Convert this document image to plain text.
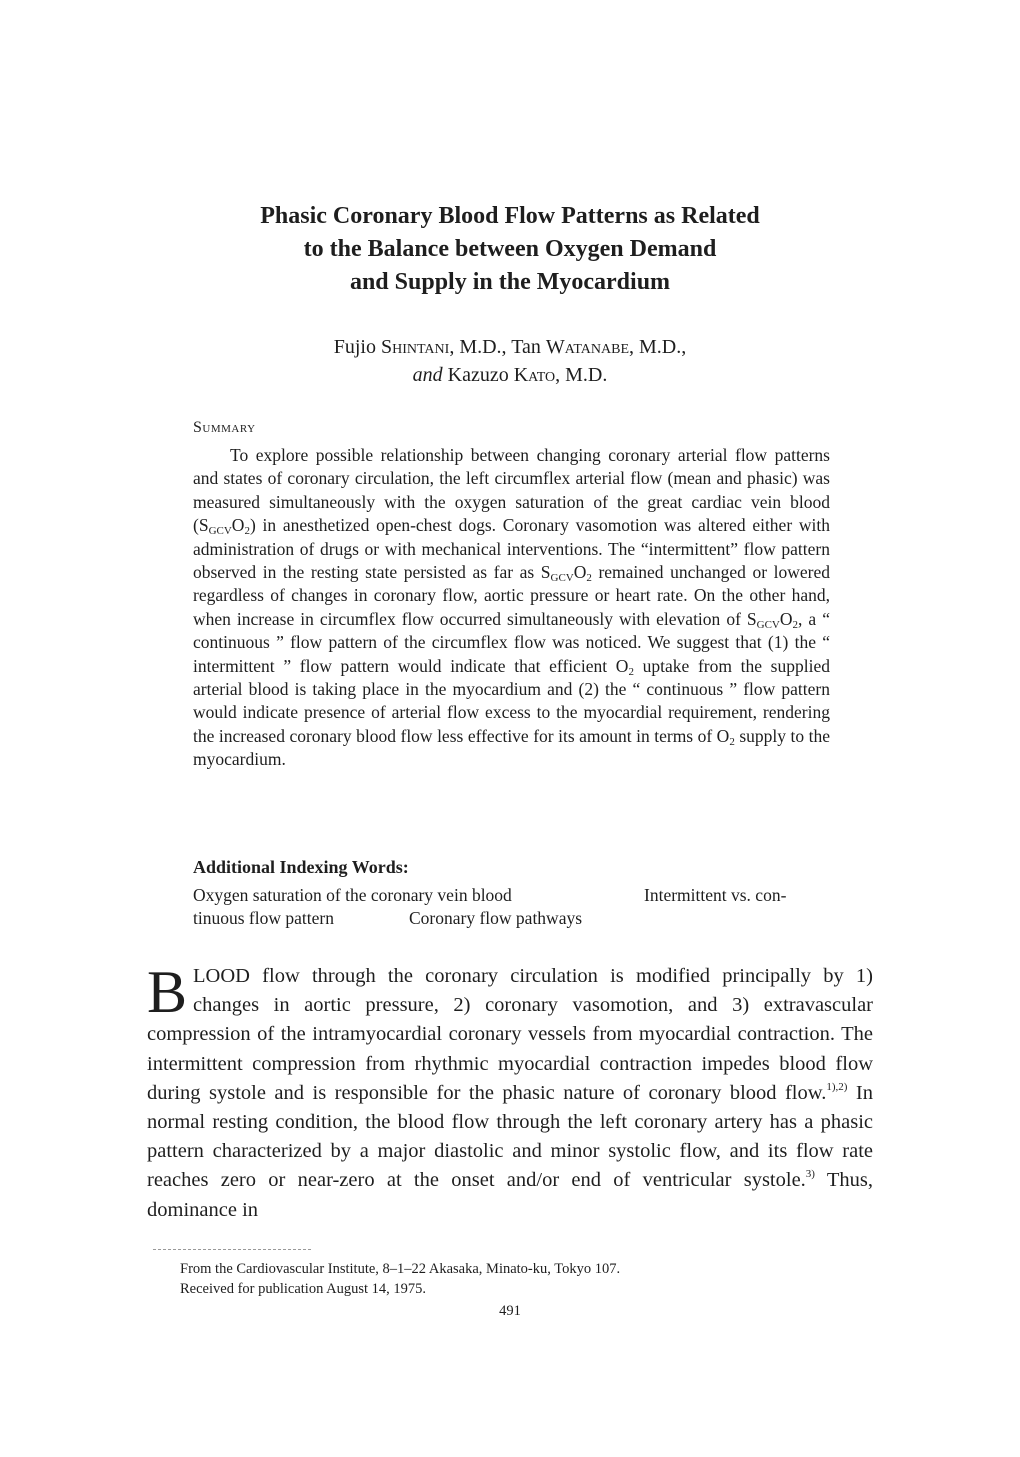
Phasic Coronary Blood Flow Patterns as Related
to the Balance between Oxygen Demand
and Supply in the Myocardium
Fujio Shintani, M.D., Tan Watanabe, M.D.,
and Kazuzo Kato, M.D.
Summary

To explore possible relationship between changing coronary arterial flow patterns and states of coronary circulation, the left circumflex arterial flow (mean and phasic) was measured simultaneously with the oxygen saturation of the great cardiac vein blood $(S_{GCV}O_2)$ in anesthetized open-chest dogs. Coronary vasomotion was altered either with administration of drugs or with mechanical interventions. The “intermittent” flow pattern observed in the resting state persisted as far as $S_{GCV}O_2$ remained unchanged or lowered regardless of changes in coronary flow, aortic pressure or heart rate. On the other hand, when increase in circumflex flow occurred simultaneously with elevation of $S_{GCV}O_2$, a “ continuous ” flow pattern of the circumflex flow was noticed. We suggest that (1) the “ intermittent ” flow pattern would indicate that efficient $O_2$ uptake from the supplied arterial blood is taking place in the myocardium and (2) the “ continuous ” flow pattern would indicate presence of arterial flow excess to the myocardial requirement, rendering the increased coronary blood flow less effective for its amount in terms of $O_2$ supply to the myocardium.

Additional Indexing Words:
Oxygen saturation of the coronary vein blood	Intermittent vs. con-
tinuous flow pattern	Coronary flow pathways

BLOOD flow through the coronary circulation is modified principally by 1) changes in aortic pressure, 2) coronary vasomotion, and 3) extravascular compression of the intramyocardial coronary vessels from myocardial contraction. The intermittent compression from rhythmic myocardial contraction impedes blood flow during systole and is responsible for the phasic nature of coronary blood flow.$^{1),2)}$ In normal resting condition, the blood flow through the left coronary artery has a phasic pattern characterized by a major diastolic and minor systolic flow, and its flow rate reaches zero or near-zero at the onset and/or end of ventricular systole.$^{3)}$ Thus, dominance in

From the Cardiovascular Institute, 8–1–22 Akasaka, Minato-ku, Tokyo 107.
Received for publication August 14, 1975.
491
